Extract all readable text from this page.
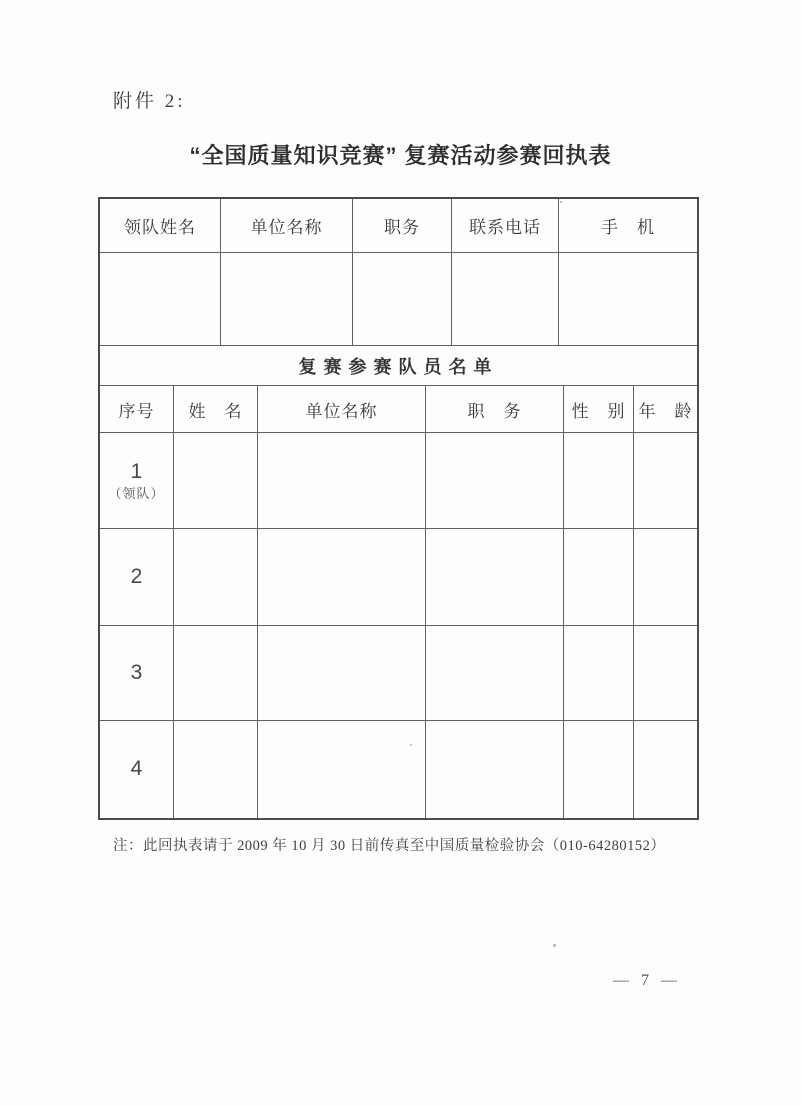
附件 2:
“全国质量知识竞赛” 复赛活动参赛回执表
领队姓名	单位名称	职务	联系电话	手　机
复赛参赛队员名单
序号	姓　名	单位名称	职　务	性　别 年　龄
1
（领队）
2
3
4
注：此回执表请于 2009 年 10 月 30 日前传真至中国质量检验协会（010-64280152）
— 7 —
